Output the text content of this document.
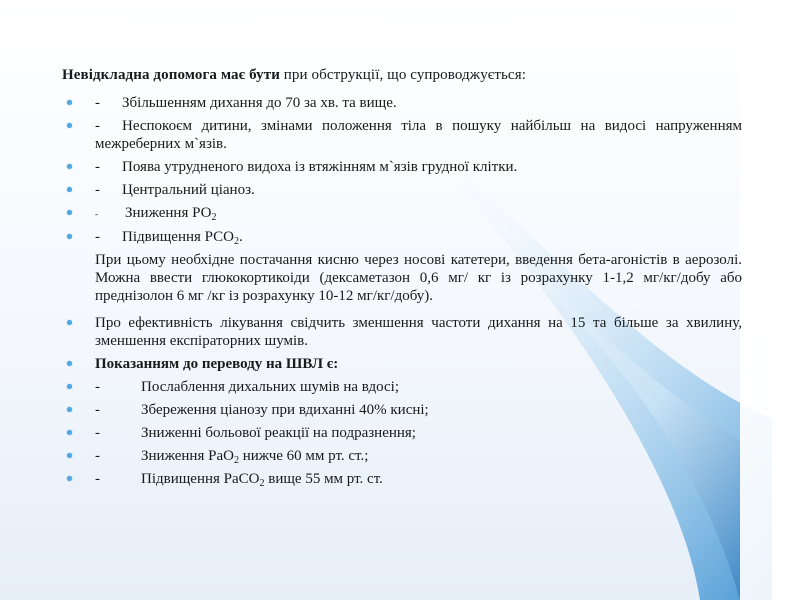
Невідкладна допомога має бути при обструкції, що супроводжується:
- Збільшенням дихання до 70 за хв. та вище.
- Неспокоєм дитини, змінами положення тіла в пошуку найбільш на видосі напруженням межреберних м`язів.
- Поява утрудненого видоха із втяжінням м`язів грудної клітки.
- Центральний ціаноз.
- Зниження $РО_2$
- Підвищення $РСО_2$.
При цьому необхідне постачання кисню через носові катетери, введення бета-агоністів в аерозолі. Можна ввести глюкокортикоіди (дексаметазон 0,6 мг/ кг із розрахунку 1-1,2 мг/кг/добу або преднізолон 6 мг /кг із розрахунку 10-12 мг/кг/добу).
Про ефективність лікування свідчить зменшення частоти дихання на 15 та більше за хвилину, зменшення експіраторних шумів.
Показанням до переводу на ШВЛ є:
-	Послаблення дихальних шумів на вдосі;
-	Збереження ціанозу при вдиханні 40% кисні;
-	Зниженні больової реакції на подразнення;
-	Зниження РаО$_2$ нижче 60 мм рт. ст.;
-	Підвищення РаСО$_2$ вище 55 мм рт. ст.
